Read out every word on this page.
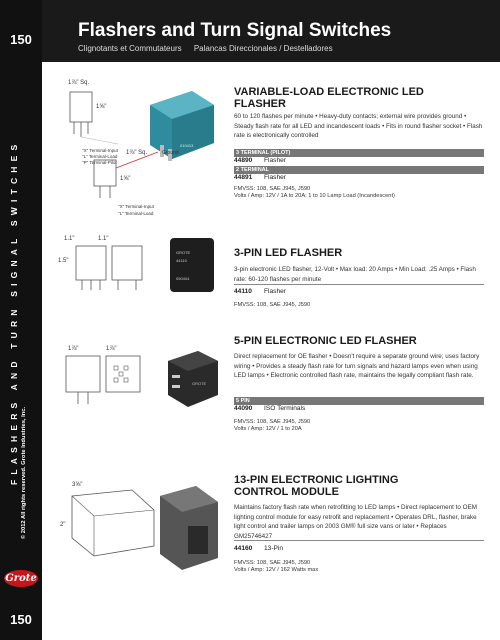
150
FLASHERS AND TURN SIGNAL SWITCHES © 2012 All rights reserved. Grote Industries, Inc.
Grote
150
Flashers and Turn Signal Switches
Clignotants et Commutateurs Palancas Direccionales / Destelladores
1⅞" Sq.
1⅝"
"X" Terminal-Input
"L" Terminal-Load
"P" Terminal-Pilot
010413
1⅞" Sq.	Ground
1⅝"
"X" Terminal-Input
"L" Terminal-Load
1.1"	1.1"
1.5"
GROTE
44110
050404
1⅞"	1⅞"
GROTE
3⅝"
2"
VARIABLE-LOAD ELECTRONIC LED FLASHER
60 to 120 flashes per minute • Heavy-duty contacts; external wire provides ground • Steady flash rate for all LED and incandescent loads • Fits in round flasher socket • Flash rate is electronically controlled
3 TERMINAL (PILOT)
44890 Flasher
2 TERMINAL
44891 Flasher
FMVSS: 108, SAE J945, J590
Volts / Amp: 12V / 1A to 20A; 1 to 10 Lamp Load (Incandescent)
3-PIN LED FLASHER
3-pin electronic LED flasher, 12-Volt • Max load: 20 Amps • Min Load: .25 Amps • Flash rate: 60-120 flashes per minute
44110 Flasher
FMVSS: 108, SAE J945, J590
5-PIN ELECTRONIC LED FLASHER
Direct replacement for OE flasher • Doesn't require a separate ground wire; uses factory wiring • Provides a steady flash rate for turn signals and hazard lamps even when using LED lamps • Electronic controlled flash rate, maintains the legally compliant flash rate.
5 PIN
44090 ISO Terminals
FMVSS: 108, SAE J945, J590
Volts / Amp: 12V / 1 to 20A
13-PIN ELECTRONIC LIGHTING
CONTROL MODULE
Maintains factory flash rate when retrofitting to LED lamps • Direct replacement to OEM lighting control module for easy retrofit and replacement • Operates DRL, flasher, brake light control and trailer lamps on 2003 GM® full size vans or later • Replaces GM25746427
44160 13-Pin
FMVSS: 108, SAE J945, J590
Volts / Amp: 12V / 162 Watts max
